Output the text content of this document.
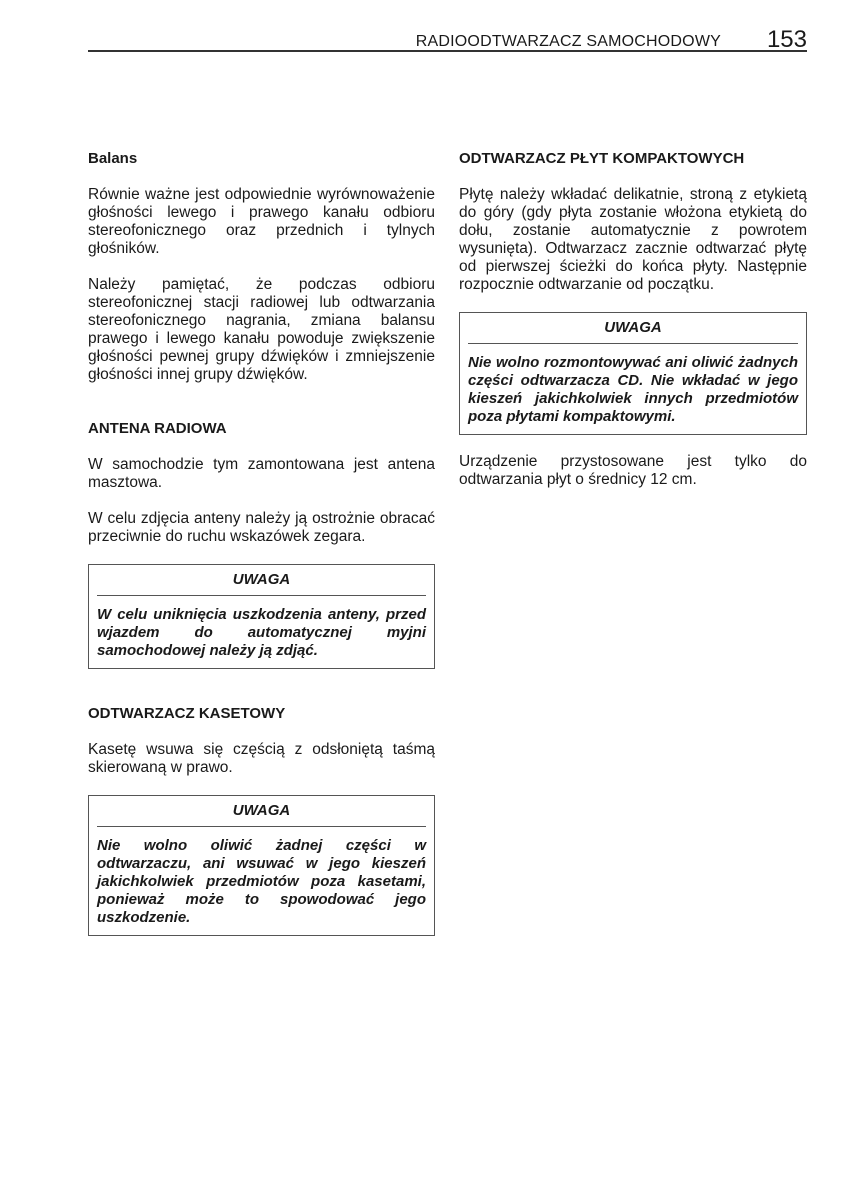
RADIOODTWARZACZ SAMOCHODOWY 153
Balans

Równie ważne jest odpowiednie wyrównoważenie głośności lewego i prawego kanału odbioru stereofonicznego oraz przednich i tylnych głośników.

Należy pamiętać, że podczas odbioru stereofonicznej stacji radiowej lub odtwarzania stereofonicznego nagrania, zmiana balansu prawego i lewego kanału powoduje zwiększenie głośności pewnej grupy dźwięków i zmniejszenie głośności innej grupy dźwięków.

ANTENA RADIOWA

W samochodzie tym zamontowana jest antena masztowa.

W celu zdjęcia anteny należy ją ostrożnie obracać przeciwnie do ruchu wskazówek zegara.

UWAGA
W celu uniknięcia uszkodzenia anteny, przed wjazdem do automatycznej myjni samochodowej należy ją zdjąć.
ODTWARZACZ KASETOWY

Kasetę wsuwa się częścią z odsłoniętą taśmą skierowaną w prawo.

UWAGA
Nie wolno oliwić żadnej części w odtwarzaczu, ani wsuwać w jego kieszeń jakichkolwiek przedmiotów poza kasetami, ponieważ może to spowodować jego uszkodzenie.
ODTWARZACZ PŁYT KOMPAKTOWYCH

Płytę należy wkładać delikatnie, stroną z etykietą do góry (gdy płyta zostanie włożona etykietą do dołu, zostanie automatycznie z powrotem wysunięta). Odtwarzacz zacznie odtwarzać płytę od pierwszej ścieżki do końca płyty. Następnie rozpocznie odtwarzanie od początku.

UWAGA
Nie wolno rozmontowywać ani oliwić żadnych części odtwarzacza CD. Nie wkładać w jego kieszeń jakichkolwiek innych przedmiotów poza płytami kompaktowymi.

Urządzenie przystosowane jest tylko do odtwarzania płyt o średnicy 12 cm.
